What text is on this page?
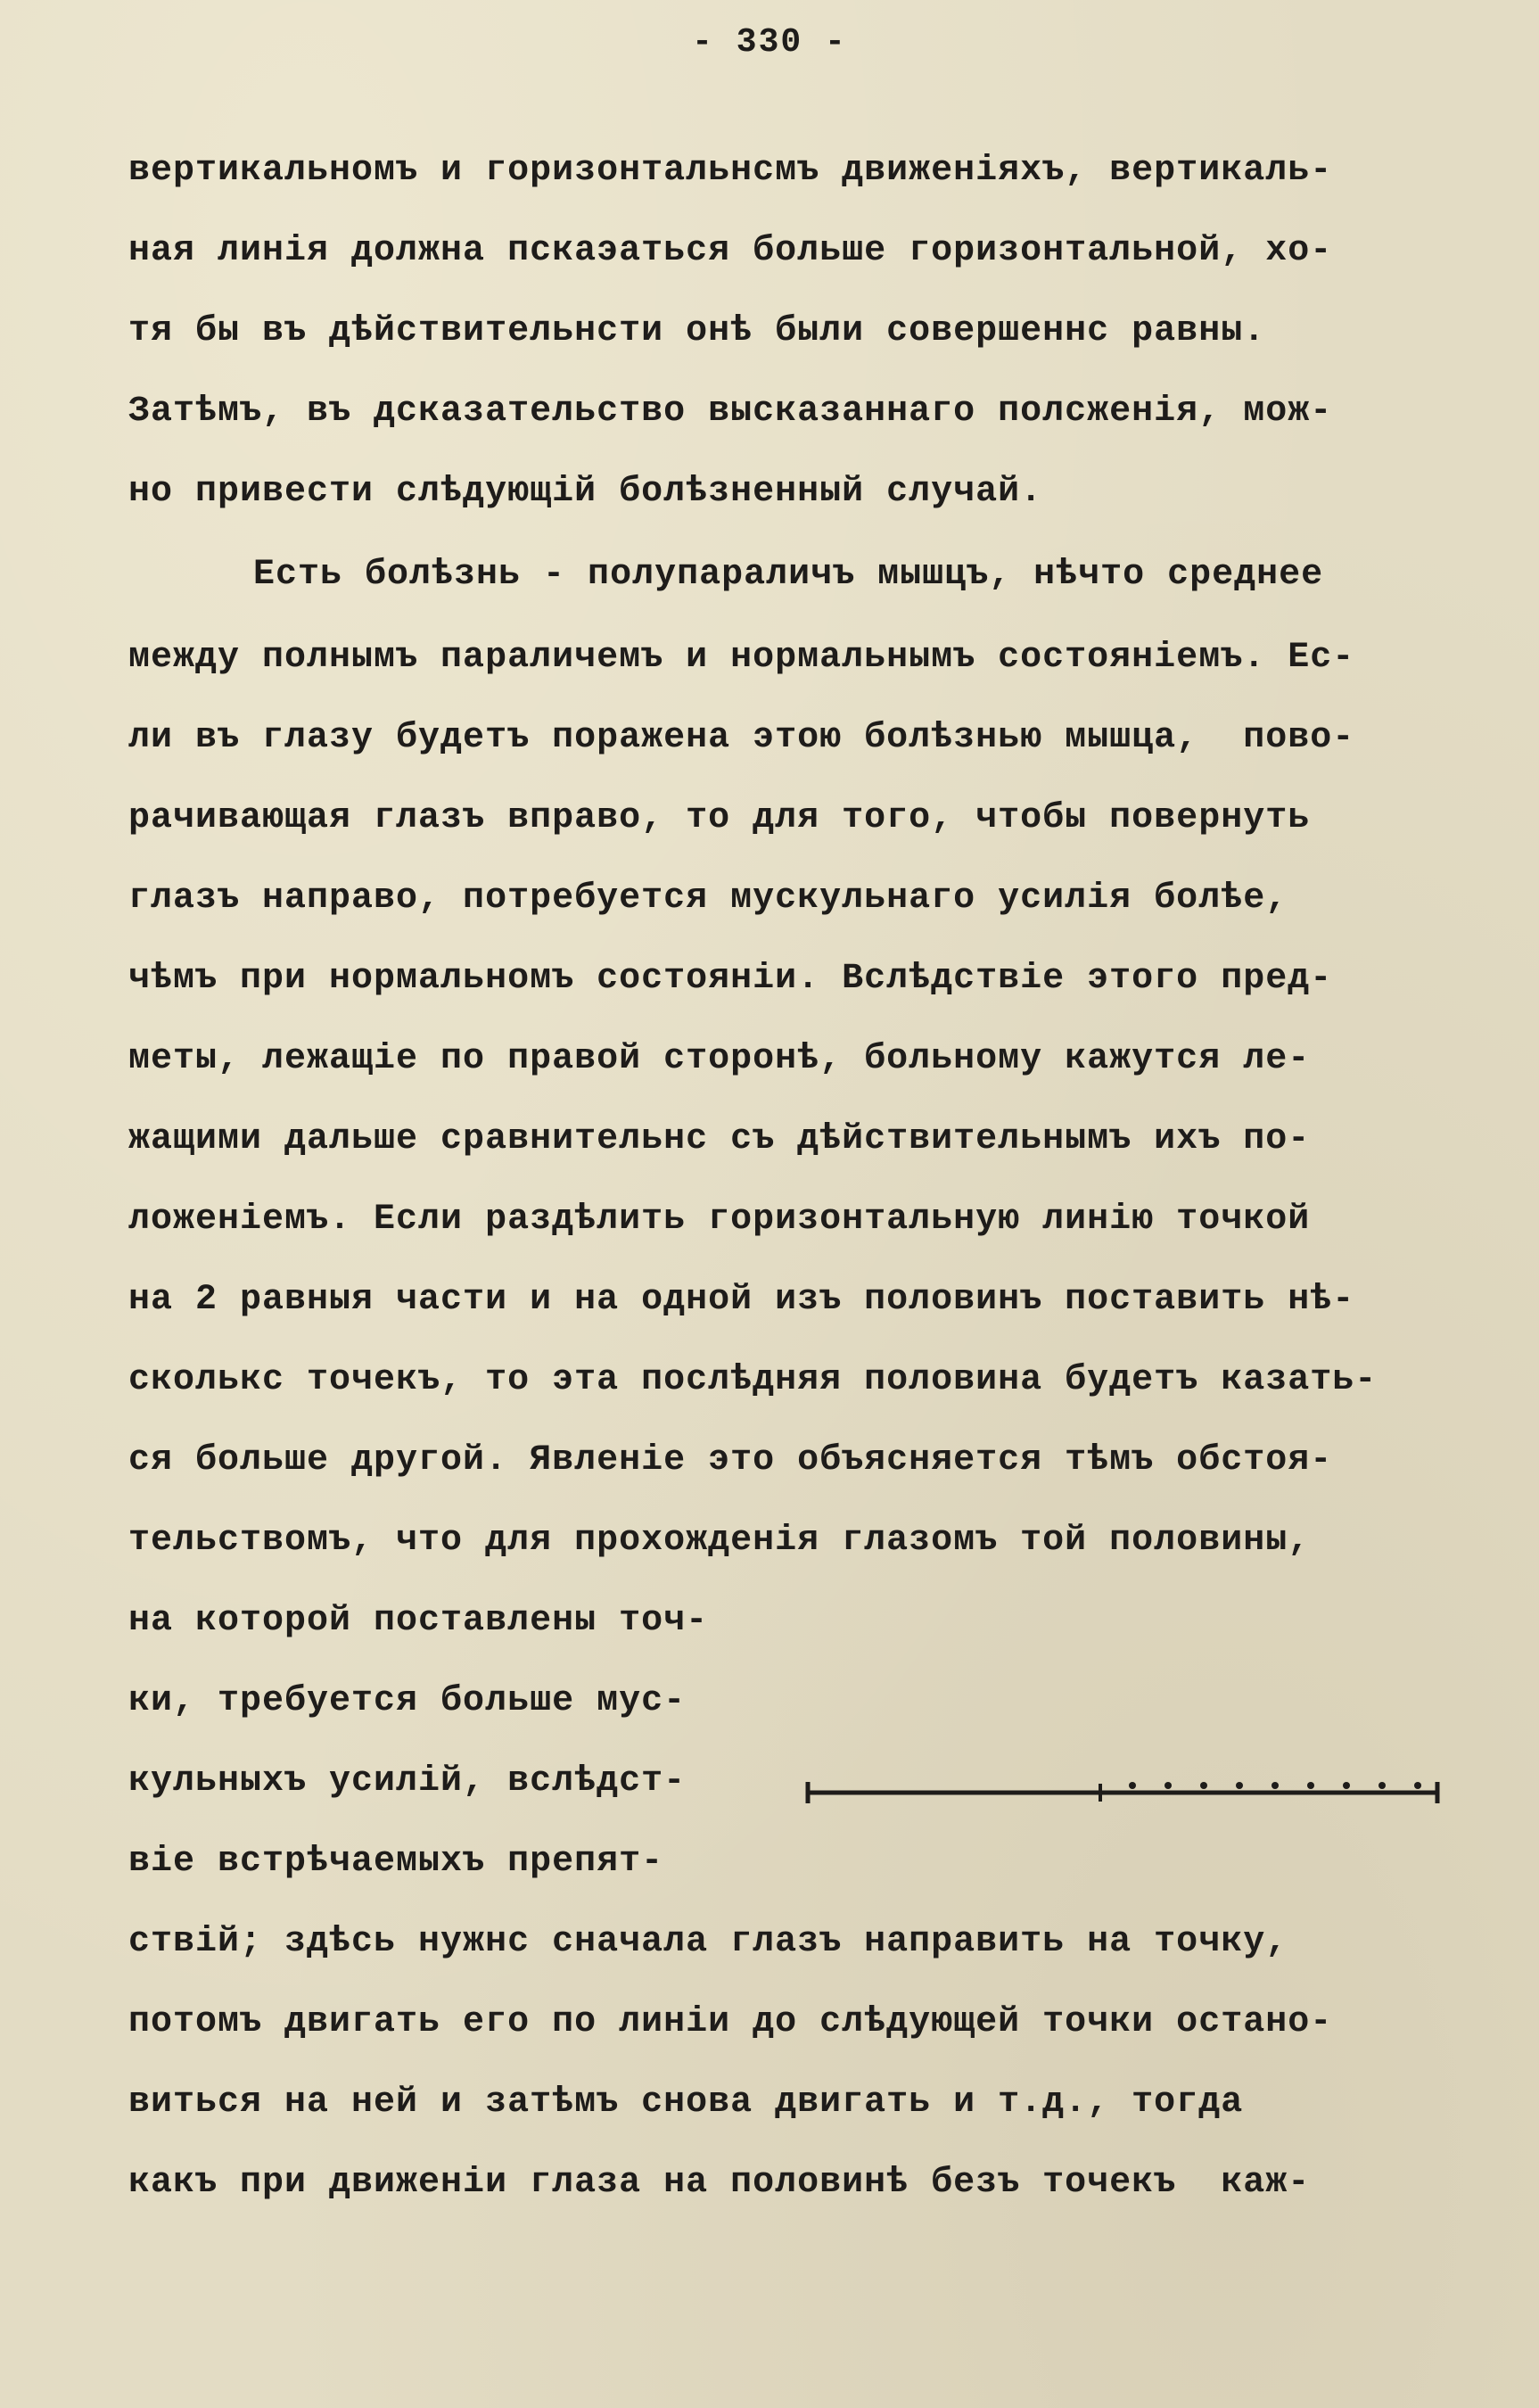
- 330 -
вертикальномъ и горизонтальнсмъ движенiяхъ, вертикаль-
ная линiя должна пскаэаться больше горизонтальной, хо-
тя бы въ дѣйствительнсти онѣ были совершеннс равны.
Затѣмъ, въ дсказательство высказаннаго полсженiя, мож-
но привести слѣдующiй болѣзненный случай.
Есть болѣзнь - полупараличъ мышцъ, нѣчто среднее
между полнымъ параличемъ и нормальнымъ состоянiемъ. Ес-
ли въ глазу будетъ поражена этою болѣзнью мышца,  пово-
рачивающая глазъ вправо, то для того, чтобы повернуть
глазъ направо, потребуется мускульнаго усилiя болѣе,
чѣмъ при нормальномъ состоянiи. Вслѣдствiе этого пред-
меты, лежащiе по правой сторонѣ, больному кажутся ле-
жащими дальше сравнительнс съ дѣйствительнымъ ихъ по-
ложенiемъ. Если раздѣлить горизонтальную линiю точкой
на 2 равныя части и на одной изъ половинъ поставить нѣ-
сколькс точекъ, то эта послѣдняя половина будетъ казать-
ся больше другой. Явленiе это объясняется тѣмъ обстоя-
тельствомъ, что для прохожденiя глазомъ той половины,
на которой поставлены точ-
ки, требуется больше мус-
кульныхъ усилiй, вслѣдст-
вiе встрѣчаемыхъ препят-
ствiй; здѣсь нужнс сначала глазъ направить на точку,
потомъ двигать его по линiи до слѣдующей точки остано-
виться на ней и затѣмъ снова двигать и т.д., тогда
какъ при движенiи глаза на половинѣ безъ точекъ  каж-
